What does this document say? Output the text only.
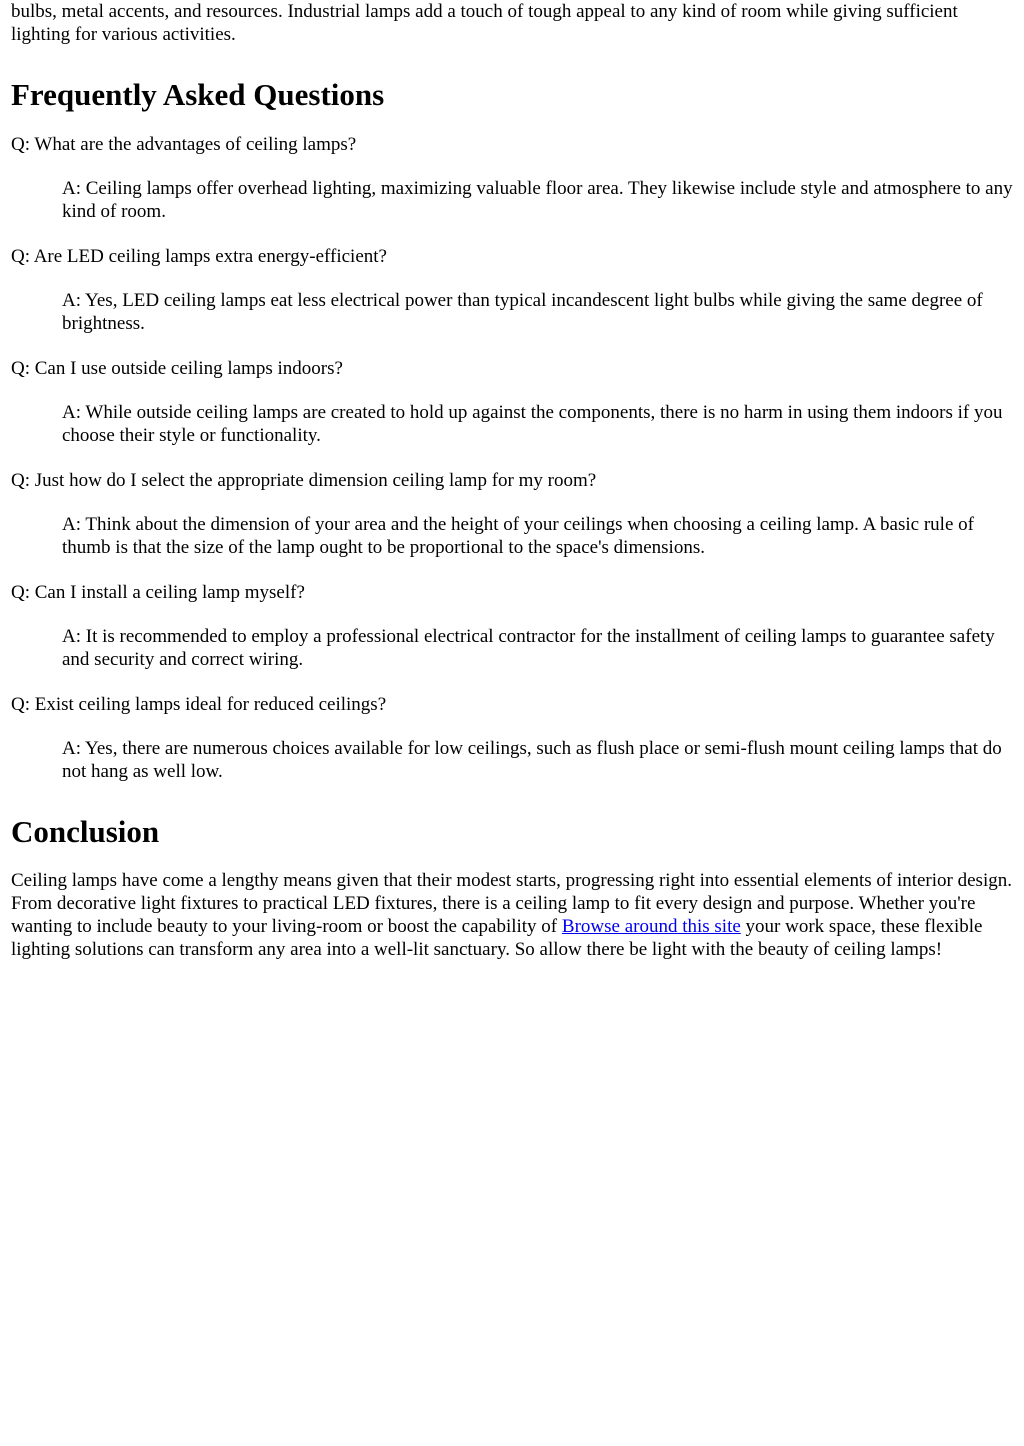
bulbs, metal accents, and resources. Industrial lamps add a touch of tough appeal to any kind of room while giving sufficient lighting for various activities.

Frequently Asked Questions

Q: What are the advantages of ceiling lamps?

A: Ceiling lamps offer overhead lighting, maximizing valuable floor area. They likewise include style and atmosphere to any kind of room.

Q: Are LED ceiling lamps extra energy-efficient?

A: Yes, LED ceiling lamps eat less electrical power than typical incandescent light bulbs while giving the same degree of brightness.

Q: Can I use outside ceiling lamps indoors?

A: While outside ceiling lamps are created to hold up against the components, there is no harm in using them indoors if you choose their style or functionality.

Q: Just how do I select the appropriate dimension ceiling lamp for my room?

A: Think about the dimension of your area and the height of your ceilings when choosing a ceiling lamp. A basic rule of thumb is that the size of the lamp ought to be proportional to the space's dimensions.

Q: Can I install a ceiling lamp myself?

A: It is recommended to employ a professional electrical contractor for the installment of ceiling lamps to guarantee safety and security and correct wiring.

Q: Exist ceiling lamps ideal for reduced ceilings?

A: Yes, there are numerous choices available for low ceilings, such as flush place or semi-flush mount ceiling lamps that do not hang as well low.

Conclusion

Ceiling lamps have come a lengthy means given that their modest starts, progressing right into essential elements of interior design. From decorative light fixtures to practical LED fixtures, there is a ceiling lamp to fit every design and purpose. Whether you're wanting to include beauty to your living-room or boost the capability of Browse around this site your work space, these flexible lighting solutions can transform any area into a well-lit sanctuary. So allow there be light with the beauty of ceiling lamps!
